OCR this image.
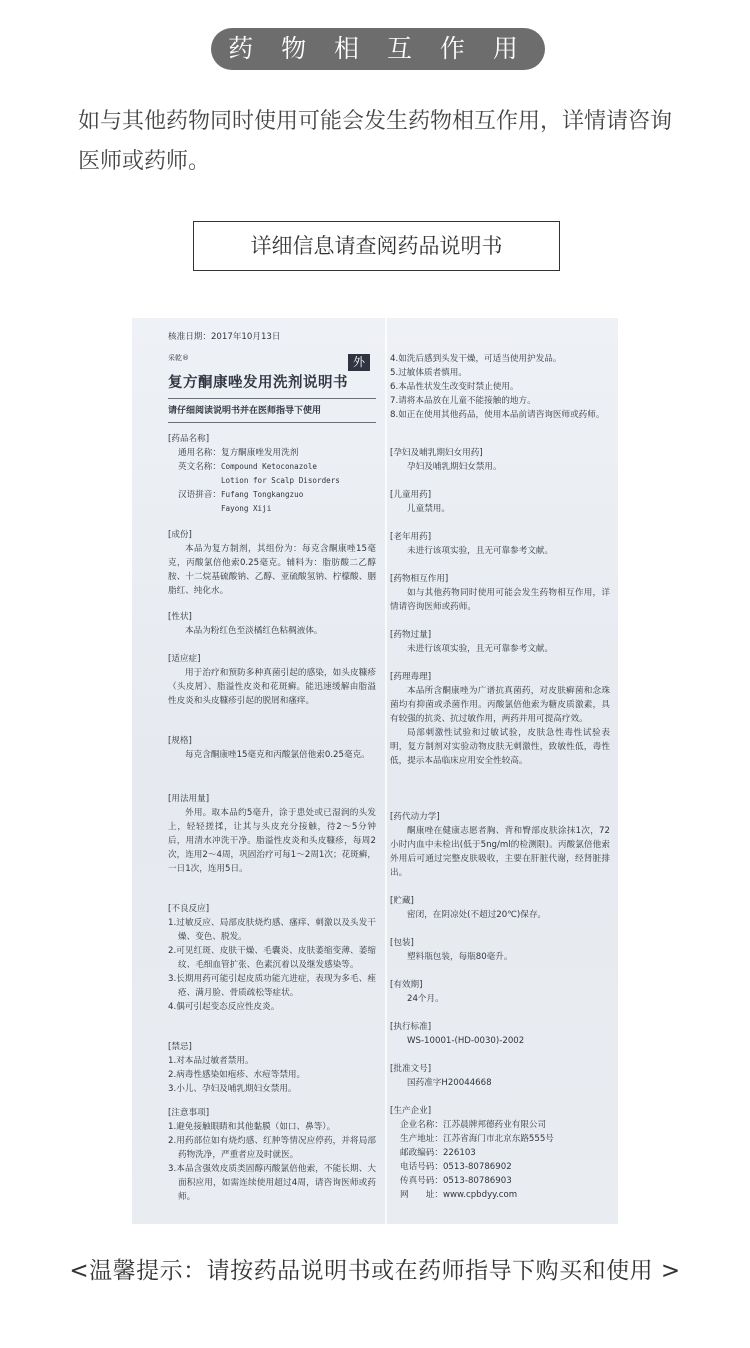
药 物 相 互 作 用
如与其他药物同时使用可能会发生药物相互作用，详情请咨询医师或药师。
详细信息请查阅药品说明书
核准日期：2017年10月13日
采乾®	外
复方酮康唑发用洗剂说明书
请仔细阅读说明书并在医师指导下使用
[药品名称]
通用名称：复方酮康唑发用洗剂
英文名称： Compound Ketoconazole
Lotion for Scalp Disorders
汉语拼音： Fufang Tongkangzuo
Fayong Xiji
[成份]
本品为复方制剂，其组份为：每克含酮康唑15毫克，丙酸氯倍他索0.25毫克。辅料为：脂肪酸二乙醇胺、十二烷基硫酸钠、乙醇、亚硫酸氢钠、柠檬酸、胭脂红、纯化水。
[性状]
本品为粉红色至淡橘红色粘稠液体。
[适应症]
用于治疗和预防多种真菌引起的感染，如头皮糠疹（头皮屑）、脂溢性皮炎和花斑癣。能迅速缓解由脂溢性皮炎和头皮糠疹引起的脱屑和瘙痒。
[规格]
每克含酮康唑15毫克和丙酸氯倍他索0.25毫克。
[用法用量]
外用。取本品约5毫升，涂于患处或已湿润的头发上，轻轻搓揉，让其与头皮充分接触，待2～5分钟后，用清水冲洗干净。脂溢性皮炎和头皮糠疹，每周2次，连用2～4周，巩固治疗可每1～2周1次；花斑癣，一日1次，连用5日。
[不良反应]
1.过敏反应、局部皮肤烧灼感、瘙痒、刺激以及头发干燥、变色、脱发。
2.可见红斑、皮肤干燥、毛囊炎、皮肤萎缩变薄、萎缩纹、毛细血管扩张、色素沉着以及继发感染等。
3.长期用药可能引起皮质功能亢进症，表现为多毛、痤疮、满月脸、骨质疏松等症状。
4.偶可引起变态反应性皮炎。
[禁忌]
1.对本品过敏者禁用。
2.病毒性感染如疱疹、水痘等禁用。
3.小儿、孕妇及哺乳期妇女禁用。
[注意事项]
1.避免接触眼睛和其他黏膜（如口、鼻等）。
2.用药部位如有烧灼感、红肿等情况应停药，并将局部药物洗净，严重者应及时就医。
3.本品含强效皮质类固醇丙酸氯倍他索，不能长期、大面积应用，如需连续使用超过4周，请咨询医师或药师。
4.如洗后感到头发干燥，可适当使用护发品。
5.过敏体质者慎用。
6.本品性状发生改变时禁止使用。
7.请将本品放在儿童不能接触的地方。
8.如正在使用其他药品，使用本品前请咨询医师或药师。
[孕妇及哺乳期妇女用药]
孕妇及哺乳期妇女禁用。
[儿童用药]
儿童禁用。
[老年用药]
未进行该项实验，且无可靠参考文献。
[药物相互作用]
如与其他药物同时使用可能会发生药物相互作用，详情请咨询医师或药师。
[药物过量]
未进行该项实验，且无可靠参考文献。
[药理毒理]
本品所含酮康唑为广谱抗真菌药，对皮肤癣菌和念珠菌均有抑菌或杀菌作用。丙酸氯倍他索为糖皮质激素，具有较强的抗炎、抗过敏作用，两药并用可提高疗效。
局部刺激性试验和过敏试验，皮肤急性毒性试验表明，复方制剂对实验动物皮肤无刺激性，致敏性低，毒性低，提示本品临床应用安全性较高。
[药代动力学]
酮康唑在健康志愿者胸、背和臀部皮肤涂抹1次，72小时内血中未检出(低于5ng/ml的检测限)。丙酸氯倍他索外用后可通过完整皮肤吸收，主要在肝脏代谢，经肾脏排出。
[贮藏]
密闭，在阴凉处(不超过20℃)保存。
[包装]
塑料瓶包装，每瓶80毫升。
[有效期]
24个月。
[执行标准]
WS-10001-(HD-0030)-2002
[批准文号]
国药准字H20044668
[生产企业]
企业名称：江苏晨牌邦德药业有限公司
生产地址：江苏省海门市北京东路555号
邮政编码：226103
电话号码：0513-80786902
传真号码：0513-80786903
网　　址：www.cpbdyy.com
<温馨提示：请按药品说明书或在药师指导下购买和使用 >
